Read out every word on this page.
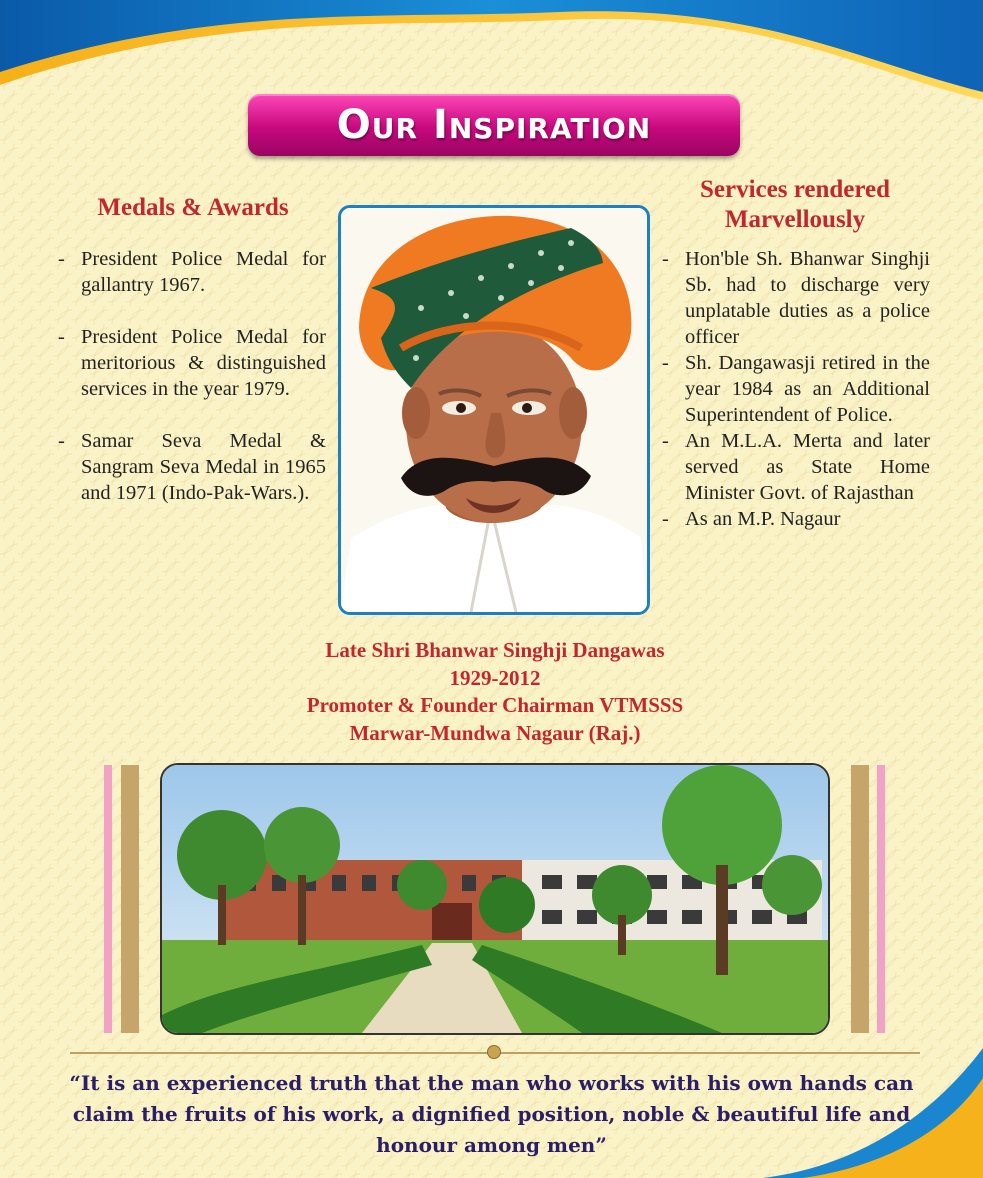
Our Inspiration
Medals & Awards
Services rendered Marvellously
- President Police Medal for gallantry 1967.
- President Police Medal for meritorious & distinguished services in the year 1979.
- Samar Seva Medal & Sangram Seva Medal in 1965 and 1971 (Indo-Pak-Wars.).
- Hon'ble Sh. Bhanwar Singhji Sb. had to discharge very unplatable duties as a police officer
- Sh. Dangawasji retired in the year 1984 as an Additional Superintendent of Police.
- An M.L.A. Merta and later served as State Home Minister Govt. of Rajasthan
- As an M.P. Nagaur
Late Shri Bhanwar Singhji Dangawas
1929-2012
Promoter & Founder Chairman VTMSSS
Marwar-Mundwa Nagaur (Raj.)
“It is an experienced truth that the man who works with his own hands can claim the fruits of his work, a dignified position, noble & beautiful life and honour among men”
